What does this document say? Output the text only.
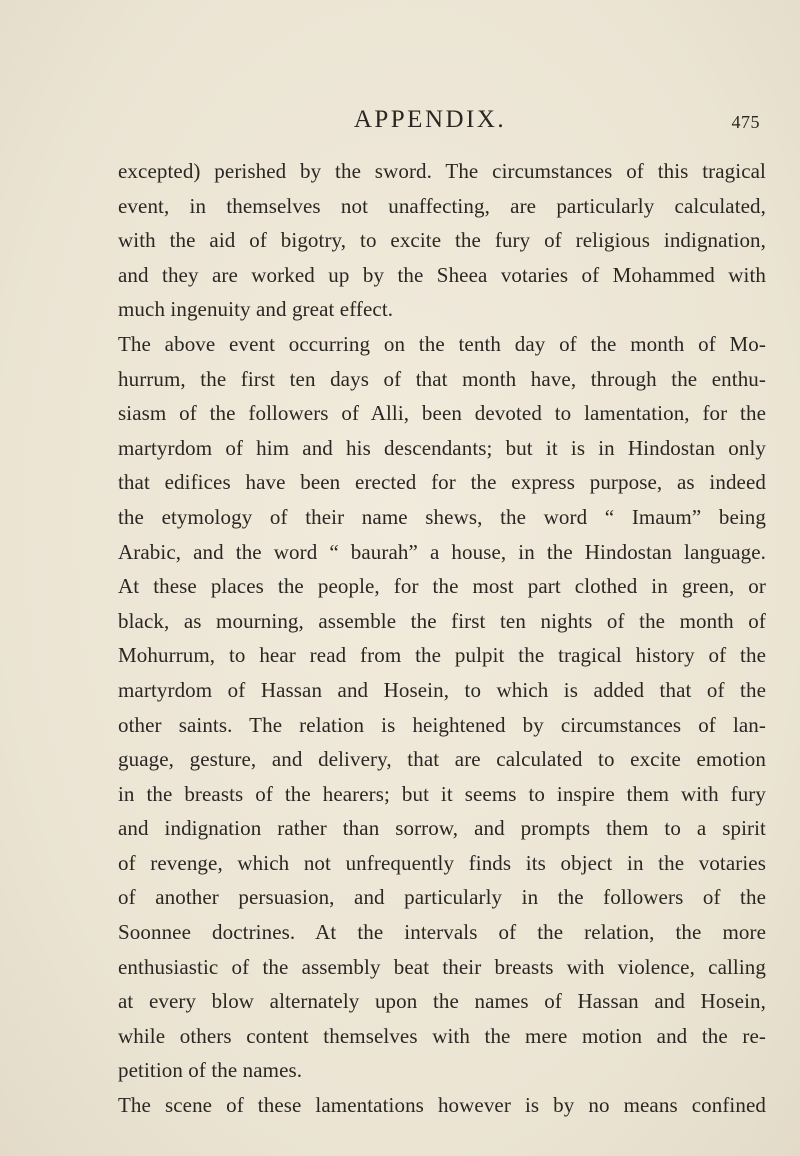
APPENDIX.	475
excepted) perished by the sword. The circumstances of this tragical
event, in themselves not unaffecting, are particularly calculated,
with the aid of bigotry, to excite the fury of religious indignation,
and they are worked up by the Sheea votaries of Mohammed with
much ingenuity and great effect.
The above event occurring on the tenth day of the month of Mo-
hurrum, the first ten days of that month have, through the enthu-
siasm of the followers of Alli, been devoted to lamentation, for the
martyrdom of him and his descendants; but it is in Hindostan only
that edifices have been erected for the express purpose, as indeed
the etymology of their name shews, the word “ Imaum” being
Arabic, and the word “ baurah” a house, in the Hindostan language.
At these places the people, for the most part clothed in green, or
black, as mourning, assemble the first ten nights of the month of
Mohurrum, to hear read from the pulpit the tragical history of the
martyrdom of Hassan and Hosein, to which is added that of the
other saints. The relation is heightened by circumstances of lan-
guage, gesture, and delivery, that are calculated to excite emotion
in the breasts of the hearers; but it seems to inspire them with fury
and indignation rather than sorrow, and prompts them to a spirit
of revenge, which not unfrequently finds its object in the votaries
of another persuasion, and particularly in the followers of the
Soonnee doctrines. At the intervals of the relation, the more
enthusiastic of the assembly beat their breasts with violence, calling
at every blow alternately upon the names of Hassan and Hosein,
while others content themselves with the mere motion and the re-
petition of the names.
The scene of these lamentations however is by no means confined
